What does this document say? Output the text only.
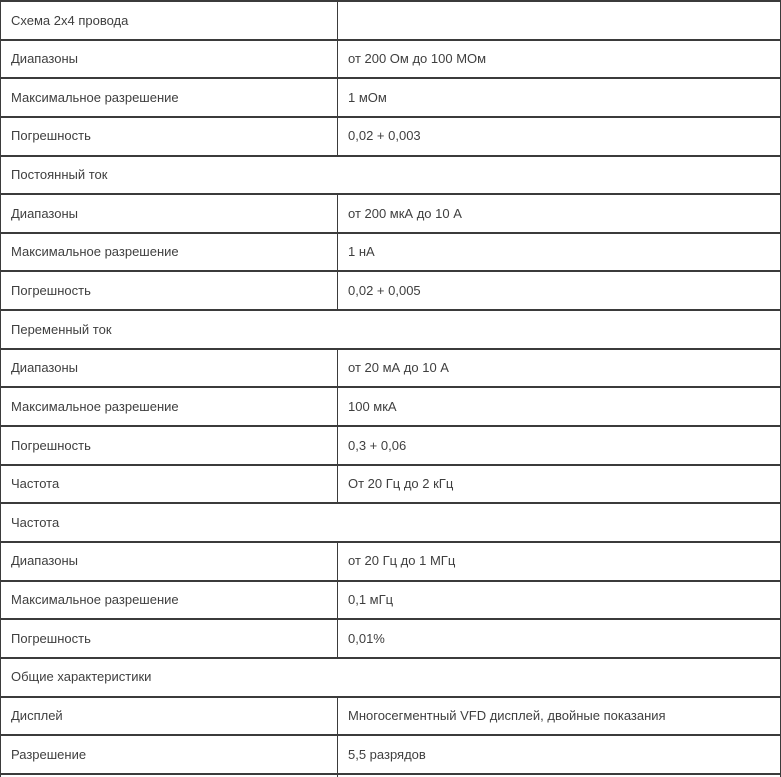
Схема 2х4 провода
Диапазоны	от 200 Ом до 100 МОм
Максимальное разрешение	1 мОм
Погрешность	0,02 + 0,003
Постоянный ток
Диапазоны	от 200 мкА до 10 А
Максимальное разрешение	1 нА
Погрешность	0,02 + 0,005
Переменный ток
Диапазоны	от 20 мА до 10 А
Максимальное разрешение	100 мкА
Погрешность	0,3 + 0,06
Частота	От 20 Гц до 2 кГц
Частота
Диапазоны	от 20 Гц до 1 МГц
Максимальное разрешение	0,1 мГц
Погрешность	0,01%
Общие характеристики
Дисплей	Многосегментный VFD дисплей, двойные показания
Разрешение	5,5 разрядов
